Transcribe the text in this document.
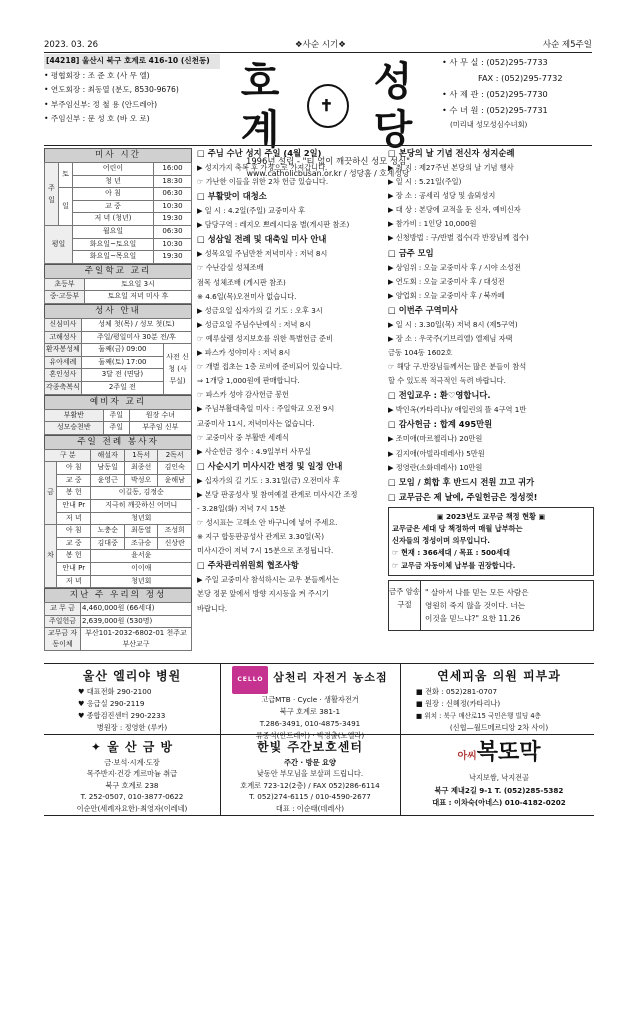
2023. 03. 26	❖사순 시기❖	사순 제5주일
[44218] 울산시 북구 호계로 416-10 (신천동)
• 평협회장 : 조 준 호 (사 무 엘)
• 연도회장 : 최동열 (분도, 8530-9676)
• 부주임신부: 정 철 용 (안드레아)
• 주임신부 : 문 성 호 (바 오 로)
호계
✝
성당
1996년 설립 - "티 없이 깨끗하신 성모 성심"
www.catholicbusan.or.kr / 성당홈 / 호계성당
• 사 무 실 : (052)295-7733
FAX : (052)295-7732
• 사 제 관 : (052)295-7730
• 수 녀 원 : (052)295-7731
(미리내 성모성심수녀회)
미사 시간
주일	토	어린이	16:00
		청 년	18:30
	일	아 침	06:30
		교 중	10:30
		저 녁 (청년)	19:30
평일		월요일	06:30
		화요일~토요일	10:30
		화요일~목요일	19:30
주일학교 교리
초등부	토요일 3시
중·고등부	토요일 저녁 미사 후
성사 안내
신심미사	성체 첫(목) / 성모 첫(토)	
고해성사	주일/평일미사 30분 전/후	
환자봉성체	둘째(금) 09:00	사전 신청 (사무실)
유아세례	둘째(토) 17:00	
혼인성사	3달 전 (면담)	
각종축복식	2주일 전	
예비자 교리
부활반	주일	원장 수녀
성모승천반	주일	부주임 신부
주일 전례 봉사자
구 분		해설자	1독서	2독서
금	아 침	남동일	최종선	김인숙
	교 중	윤영근	박성오	윤해남
	봉 헌	이길동, 김정순		
	안내 Pr	지극히 깨끗하신 어머니		
	저 녁	청년회		
차	아 침	노충순	최동열	조성희
	교 중	김대중	조규승	신상란
	봉 헌	윤서윤		
	안내 Pr	이이애		
	저 녁	청년회		
지난 주 우리의 정성
교 무 금	4,460,000원 (66세대)
주일헌금	2,639,000원 (530명)
교무금 자동이체	부산101-2032-6802-01 천주교 부산교구
□ 주님 수난 성지 주일 (4월 2일)
▶ 성지가지 축복 후 가정으로 가져갑니다.
☞ 가난한 이들을 위한 2차 헌금 있습니다.
□ 부활맞이 대청소
▶ 일 시 : 4.2일(주일) 교중미사 후
▶ 담당구역 : 레지오 쁘레시디움 별(게시판 참조)
□ 성삼일 전례 및 대축일 미사 안내
▶ 성목요일 주님만찬 저녁미사 : 저녁 8시
☞ 수난감실 성체조배
점목 성체조배 (게시판 참조)
※ 4.6일(목)오전미사 없습니다.
▶ 성금요일 십자가의 길 기도 : 오후 3시
▶ 성금요일 주님수난예식 : 저녁 8시
☞ 예루살렘 성지보호를 위한 특별헌금 준비
▶ 파스카 성야미사 : 저녁 8시
☞ 개별 접초는 1층 로비에 준비되어 있습니다.
⇒ 1개당 1,000원에 판매합니다.
☞ 파스카 성야 감사헌금 봉헌
▶ 주님부활대축일 미사 : 주일학교 오전 9시
교중미사 11시, 저녁미사는 없습니다.
☞ 교중미사 중 부활반 세례식
▶ 사순헌금 정수 : 4.9일부터 사무실
□ 사순시기 미사시간 변경 및 일정 안내
▶ 십자가의 길 기도 : 3.31일(금) 오전미사 후
▶ 본당 판공성사 및 참여예절 관계로 미사시간 조정
- 3.28일(화) 저녁 7시 15분
☞ 성시표는 고해소 안 바구니에 넣어 주세요.
※ 지구 합동판공성사 관계로 3.30일(목)
미사시간이 저녁 7시 15분으로 조정됩니다.
□ 주차관리위원회 협조사항
▶ 주일 교중미사 참석하시는 교우 분들께서는
본당 정문 앞에서 방향 지시등을 켜 주시기
바랍니다.
□ 본당의 날 기념 전신자 성지순례
▶ 취 지 : 제27주년 본당의 날 기념 행사
▶ 일 시 : 5.21일(주일)
▶ 장 소 : 공세리 성당 및 솔뫼성지
▶ 대 상 : 본당에 교적을 둔 신자, 예비신자
▶ 참가비 : 1인당 10,000원
▶ 신청방법 : 구/반별 접수(각 반장님께 접수)
□ 금주 모임
▶ 상임위 : 오늘 교중미사 후 / 시야 소성전
▶ 연도회 : 오늘 교중미사 후 / 대성전
▶ 양업회 : 오늘 교중미사 후 / 북까페
□ 이번주 구역미사
▶ 일 시 : 3.30일(목) 저녁 8시 (제5구역)
▶ 장 소 : 우국주(기브리엘) 엘제님 자택
금동 104동 1602호
☞ 해당 구.반장님들께서는 많은 분들이 참석
할 수 있도록 적극적인 독려 바랍니다.
□ 전입교우 : 환♡영합니다.
▶ 박인옥(카타리나)/ 애일린의 뜰 4구역 1반
□ 감사헌금 : 합계 495만원
▶ 조미애(마르첼리나) 20만원
▶ 김지애(아빌라데레사) 5만원
▶ 정영란(소화데레사) 10만원
□ 모임 / 회합 후 반드시 전원 끄고 귀가
□ 교무금은 제 날에, 주일헌금은 정성껏!
▣ 2023년도 교무금 책정 현황 ▣
교무금은 세대 당 책정하여 매월 납부하는
신자들의 정성이며 의무입니다.
☞ 현재 : 366세대 / 목표 : 500세대
☞ 교무금 자동이체 납부를 권장합니다.
금주 암송 구절
" 살아서 나를 믿는 모든 사람은
영원히 죽지 않을 것이다. 너는
이것을 믿느냐?" 요한 11.26
울산 엘리야 병원
♥ 대표전화 290-2100
♥ 응급실 290-2119
♥ 종합검진센터 290-2233
병원장 : 정영한 (루카)
CELLO 삼천리 자전거 농소점
고급MTB · Cycle · 생활자전거
북구 호계로 381-1
T.286-3491, 010-4875-3491
류종석(안드레아) · 박정출(노엘라)
연세피움 의원 피부과
■ 전화 : 052)281-0707
■ 원장 : 신혜정(카타리나)
■ 위치 : 북구 매산로15 국민은행 빌딩 4층
(신협—월드메르디앙 2차 사이)
✦ 울 산 금 방
금·보석·시계·도장
목주반지·건강 게르마늄 취급
북구 호계로 238
T. 252-0507, 010-3877-0622
이순안(세례자요한)·최영자(이레네)
한빛 주간보호센터
주간 · 방문 요양
낮동안 부모님을 보살펴 드립니다.
호계로 723-12(2층) / FAX 052)286-6114
T. 052)274-6115 / 010-4590-2677
대표 : 이순태(데레사)
아씨복또막
낙지보쌈, 낙지전골
북구 제내2길 9-1 T. (052)285-5382
대표 : 이차숙(아네스) 010-4182-0202
